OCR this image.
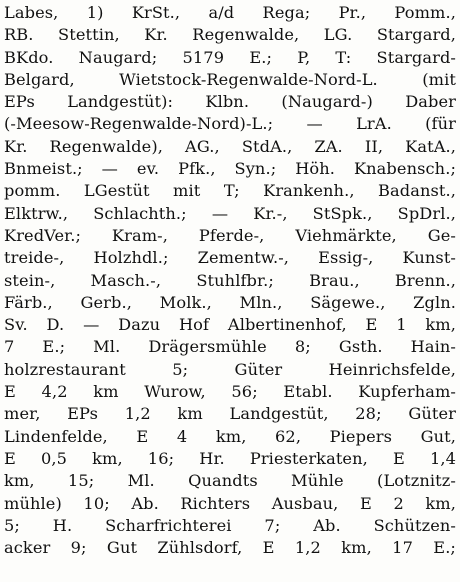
Labes, 1) KrSt., a/d Rega; Pr., Pomm.,
RB. Stettin, Kr. Regenwalde, LG. Stargard,
BKdo. Naugard; 5179 E.; P, T: Stargard-
Belgard, Wietstock-Regenwalde-Nord-L. (mit
EPs Landgestüt): Klbn. (Naugard-) Daber
(-Meesow-Regenwalde-Nord)-L.; — LrA. (für
Kr. Regenwalde), AG., StdA., ZA. II, KatA.,
Bnmeist.; — ev. Pfk., Syn.; Höh. Knabensch.;
pomm. LGestüt mit T; Krankenh., Badanst.,
Elktrw., Schlachth.; — Kr.-, StSpk., SpDrl.,
KredVer.; Kram-, Pferde-, Viehmärkte, Ge-
treide-, Holzhdl.; Zementw.-, Essig-, Kunst-
stein-, Masch.-, Stuhlfbr.; Brau., Brenn.,
Färb., Gerb., Molk., Mln., Sägewe., Zgln.
Sv. D. — Dazu Hof Albertinenhof, E 1 km,
7 E.; Ml. Drägersmühle 8; Gsth. Hain-
holzrestaurant 5; Güter Heinrichsfelde,
E 4,2 km Wurow, 56; Etabl. Kupferham-
mer, EPs 1,2 km Landgestüt, 28; Güter
Lindenfelde, E 4 km, 62, Piepers Gut,
E 0,5 km, 16; Hr. Priesterkaten, E 1,4
km, 15; Ml. Quandts Mühle (Lotznitz-
mühle) 10; Ab. Richters Ausbau, E 2 km,
5; H. Scharfrichterei 7; Ab. Schützen-
acker 9; Gut Zühlsdorf, E 1,2 km, 17 E.;
